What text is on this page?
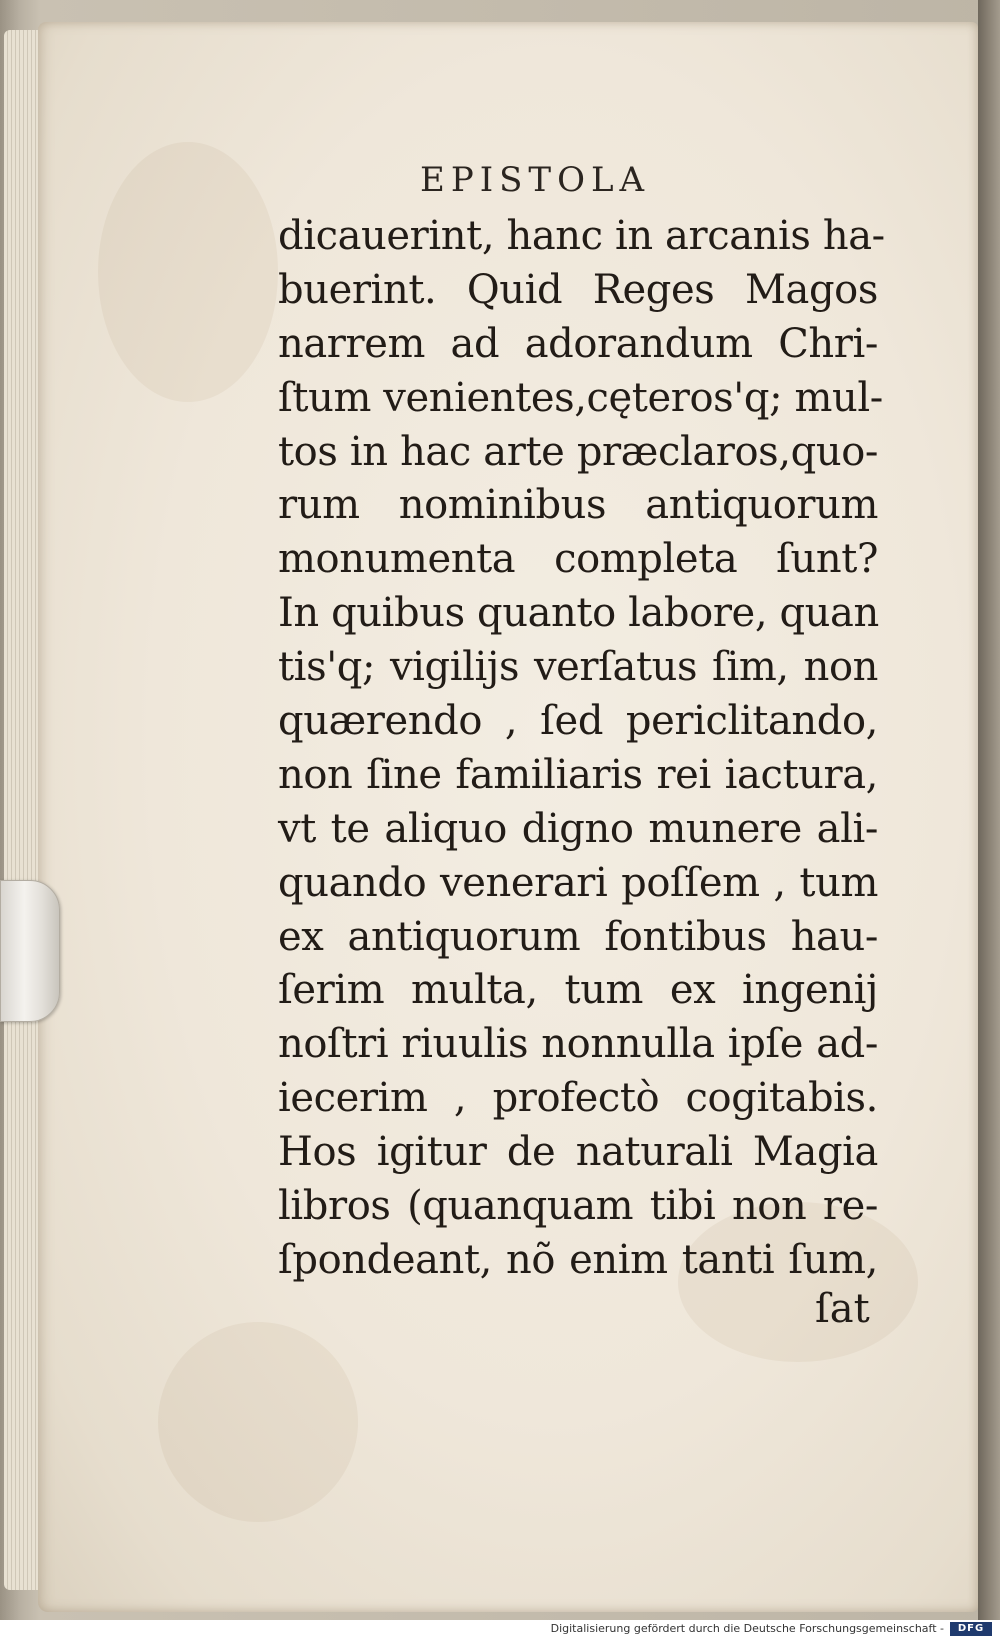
EPISTOLA
dicauerint, hanc in arcanis ha-
buerint. Quid Reges Magos
narrem ad adorandum Chri-
ſtum venientes,cęteros'q; mul-
tos in hac arte præclaros,quo-
rum nominibus antiquorum
monumenta completa ſunt?
In quibus quanto labore, quan
tis'q; vigilijs verſatus ſim, non
quærendo , ſed periclitando,
non ſine familiaris rei iactura,
vt te aliquo digno munere ali-
quando venerari poſſem , tum
ex antiquorum fontibus hau-
ſerim multa, tum ex ingenij
noſtri riuulis nonnulla ipſe ad-
iecerim , profectò cogitabis.
Hos igitur de naturali Magia
libros (quanquam tibi non re-
ſpondeant, nõ enim tanti ſum,
ſat
Digitalisierung gefördert durch die Deutsche Forschungsgemeinschaft -	DFG
